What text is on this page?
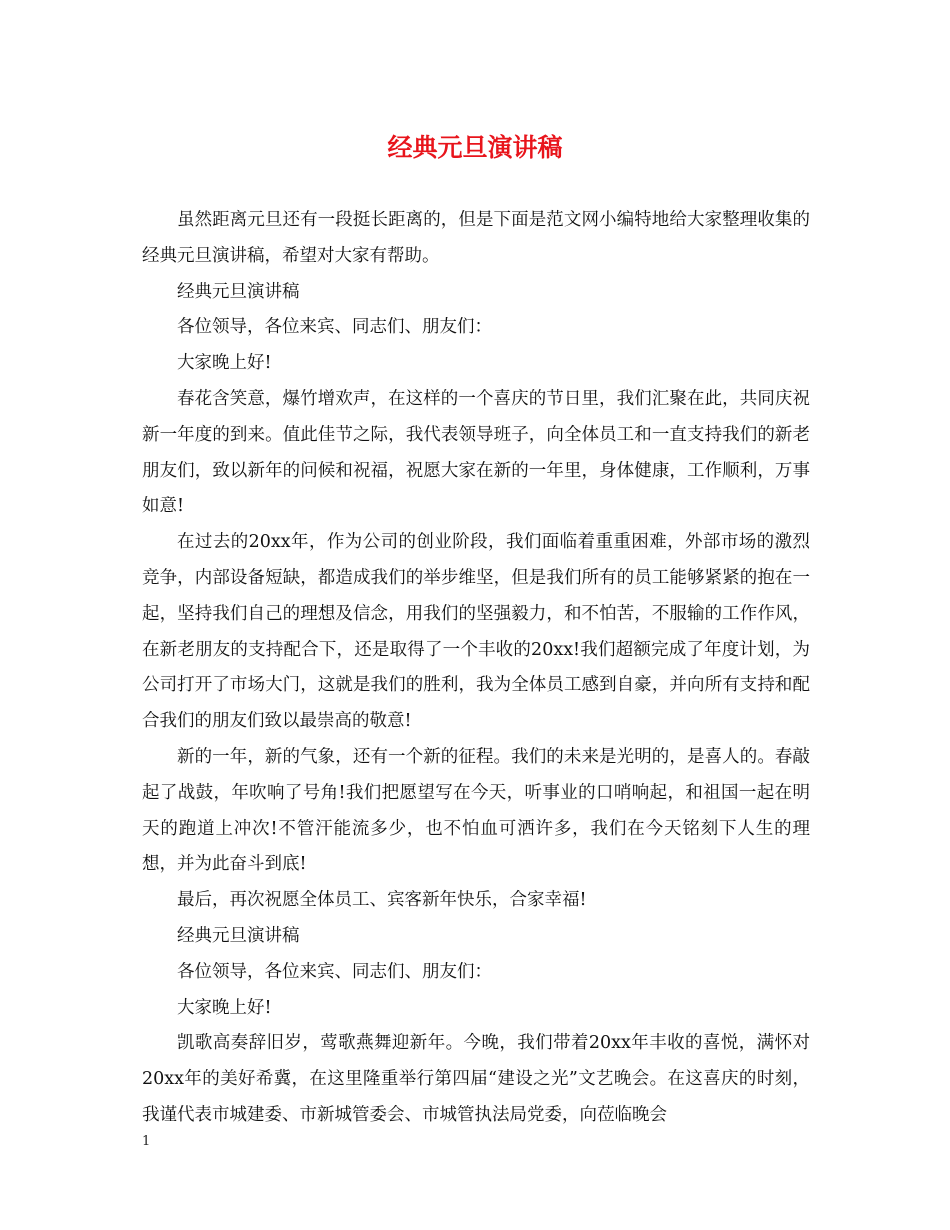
经典元旦演讲稿

虽然距离元旦还有一段挺长距离的，但是下面是范文网小编特地给大家整理收集的经典元旦演讲稿，希望对大家有帮助。

经典元旦演讲稿

各位领导，各位来宾、同志们、朋友们：

大家晚上好!

春花含笑意，爆竹增欢声，在这样的一个喜庆的节日里，我们汇聚在此，共同庆祝新一年度的到来。值此佳节之际，我代表领导班子，向全体员工和一直支持我们的新老朋友们，致以新年的问候和祝福，祝愿大家在新的一年里，身体健康，工作顺利，万事如意!

在过去的20xx年，作为公司的创业阶段，我们面临着重重困难，外部市场的激烈竞争，内部设备短缺，都造成我们的举步维坚，但是我们所有的员工能够紧紧的抱在一起，坚持我们自己的理想及信念，用我们的坚强毅力，和不怕苦，不服输的工作作风，在新老朋友的支持配合下，还是取得了一个丰收的20xx!我们超额完成了年度计划，为公司打开了市场大门，这就是我们的胜利，我为全体员工感到自豪，并向所有支持和配合我们的朋友们致以最崇高的敬意!

新的一年，新的气象，还有一个新的征程。我们的未来是光明的，是喜人的。春敲起了战鼓，年吹响了号角!我们把愿望写在今天，听事业的口哨响起，和祖国一起在明天的跑道上冲次!不管汗能流多少，也不怕血可洒许多，我们在今天铭刻下人生的理想，并为此奋斗到底!

最后，再次祝愿全体员工、宾客新年快乐，合家幸福!

经典元旦演讲稿

各位领导，各位来宾、同志们、朋友们：

大家晚上好!

凯歌高奏辞旧岁，莺歌燕舞迎新年。今晚，我们带着20xx年丰收的喜悦，满怀对20xx年的美好希冀，在这里隆重举行第四届“建设之光”文艺晚会。在这喜庆的时刻，我谨代表市城建委、市新城管委会、市城管执法局党委，向莅临晚会

1
